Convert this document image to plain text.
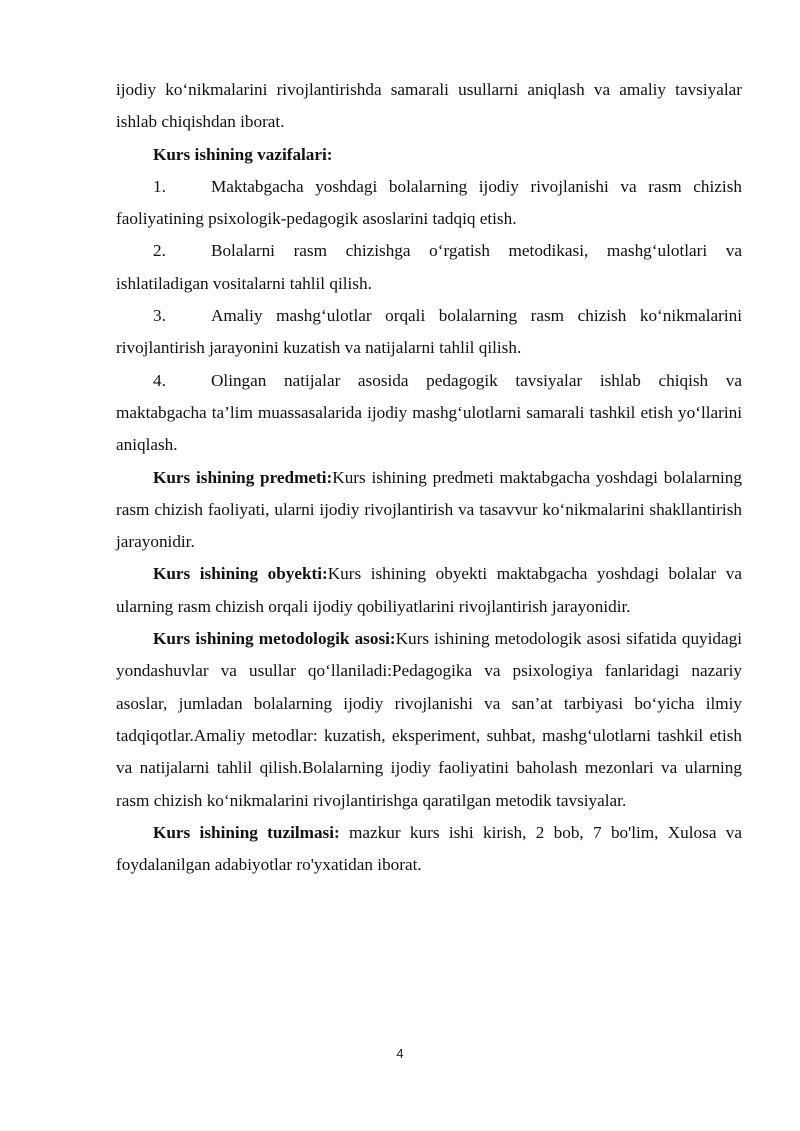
ijodiy ko‘nikmalarini rivojlantirishda samarali usullarni aniqlash va amaliy tavsiyalar ishlab chiqishdan iborat.

Kurs ishining vazifalari:

1.	Maktabgacha yoshdagi bolalarning ijodiy rivojlanishi va rasm chizish faoliyatining psixologik-pedagogik asoslarini tadqiq etish.

2.	Bolalarni rasm chizishga o‘rgatish metodikasi, mashg‘ulotlari va ishlatiladigan vositalarni tahlil qilish.

3.	Amaliy mashg‘ulotlar orqali bolalarning rasm chizish ko‘nikmalarini rivojlantirish jarayonini kuzatish va natijalarni tahlil qilish.

4.	Olingan natijalar asosida pedagogik tavsiyalar ishlab chiqish va maktabgacha ta’lim muassasalarida ijodiy mashg‘ulotlarni samarali tashkil etish yo‘llarini aniqlash.

Kurs ishining predmeti:Kurs ishining predmeti maktabgacha yoshdagi bolalarning rasm chizish faoliyati, ularni ijodiy rivojlantirish va tasavvur ko‘nikmalarini shakllantirish jarayonidir.

Kurs ishining obyekti:Kurs ishining obyekti maktabgacha yoshdagi bolalar va ularning rasm chizish orqali ijodiy qobiliyatlarini rivojlantirish jarayonidir.

Kurs ishining metodologik asosi:Kurs ishining metodologik asosi sifatida quyidagi yondashuvlar va usullar qo‘llaniladi:Pedagogika va psixologiya fanlaridagi nazariy asoslar, jumladan bolalarning ijodiy rivojlanishi va san’at tarbiyasi bo‘yicha ilmiy tadqiqotlar.Amaliy metodlar: kuzatish, eksperiment, suhbat, mashg‘ulotlarni tashkil etish va natijalarni tahlil qilish.Bolalarning ijodiy faoliyatini baholash mezonlari va ularning rasm chizish ko‘nikmalarini rivojlantirishga qaratilgan metodik tavsiyalar.

Kurs ishining tuzilmasi: mazkur kurs ishi kirish, 2 bob, 7 bo'lim, Xulosa va foydalanilgan adabiyotlar ro'yxatidan iborat.

4
